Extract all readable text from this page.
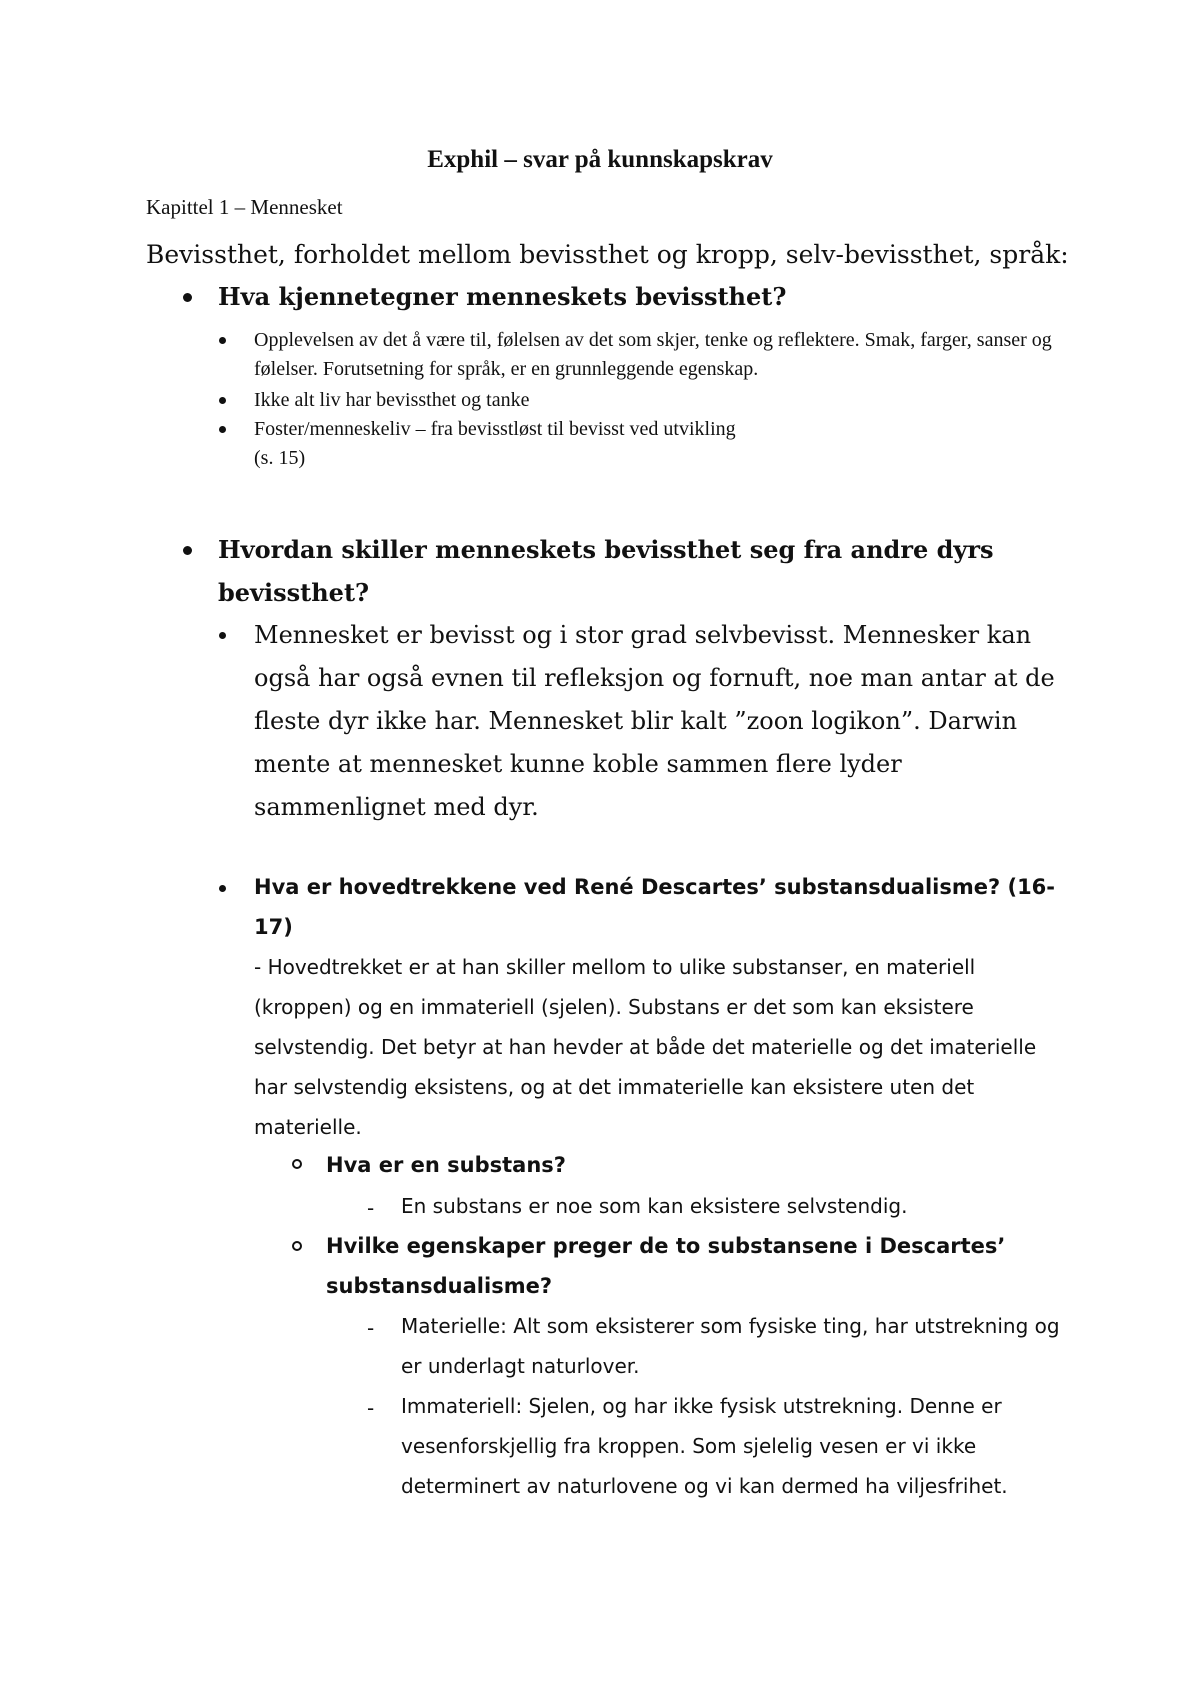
Exphil – svar på kunnskapskrav
Kapittel 1 – Mennesket
Bevissthet, forholdet mellom bevissthet og kropp, selv-bevissthet, språk:
Hva kjennetegner menneskets bevissthet?
Opplevelsen av det å være til, følelsen av det som skjer, tenke og reflektere. Smak, farger, sanser og følelser. Forutsetning for språk, er en grunnleggende egenskap.
Ikke alt liv har bevissthet og tanke
Foster/menneskeliv – fra bevisstløst til bevisst ved utvikling
(s. 15)
Hvordan skiller menneskets bevissthet seg fra andre dyrs bevissthet?
Mennesket er bevisst og i stor grad selvbevisst. Mennesker kan også har også evnen til refleksjon og fornuft, noe man antar at de fleste dyr ikke har. Mennesket blir kalt ”zoon logikon”. Darwin mente at mennesket kunne koble sammen flere lyder sammenlignet med dyr.
Hva er hovedtrekkene ved René Descartes’ substansdualisme? (16-17)
- Hovedtrekket er at han skiller mellom to ulike substanser, en materiell (kroppen) og en immateriell (sjelen). Substans er det som kan eksistere selvstendig. Det betyr at han hevder at både det materielle og det imaterielle har selvstendig eksistens, og at det immaterielle kan eksistere uten det materielle.
Hva er en substans?
- En substans er noe som kan eksistere selvstendig.
Hvilke egenskaper preger de to substansene i Descartes’ substansdualisme?
- Materielle: Alt som eksisterer som fysiske ting, har utstrekning og er underlagt naturlover.
- Immateriell: Sjelen, og har ikke fysisk utstrekning. Denne er vesenforskjellig fra kroppen. Som sjelelig vesen er vi ikke determinert av naturlovene og vi kan dermed ha viljesfrihet.
